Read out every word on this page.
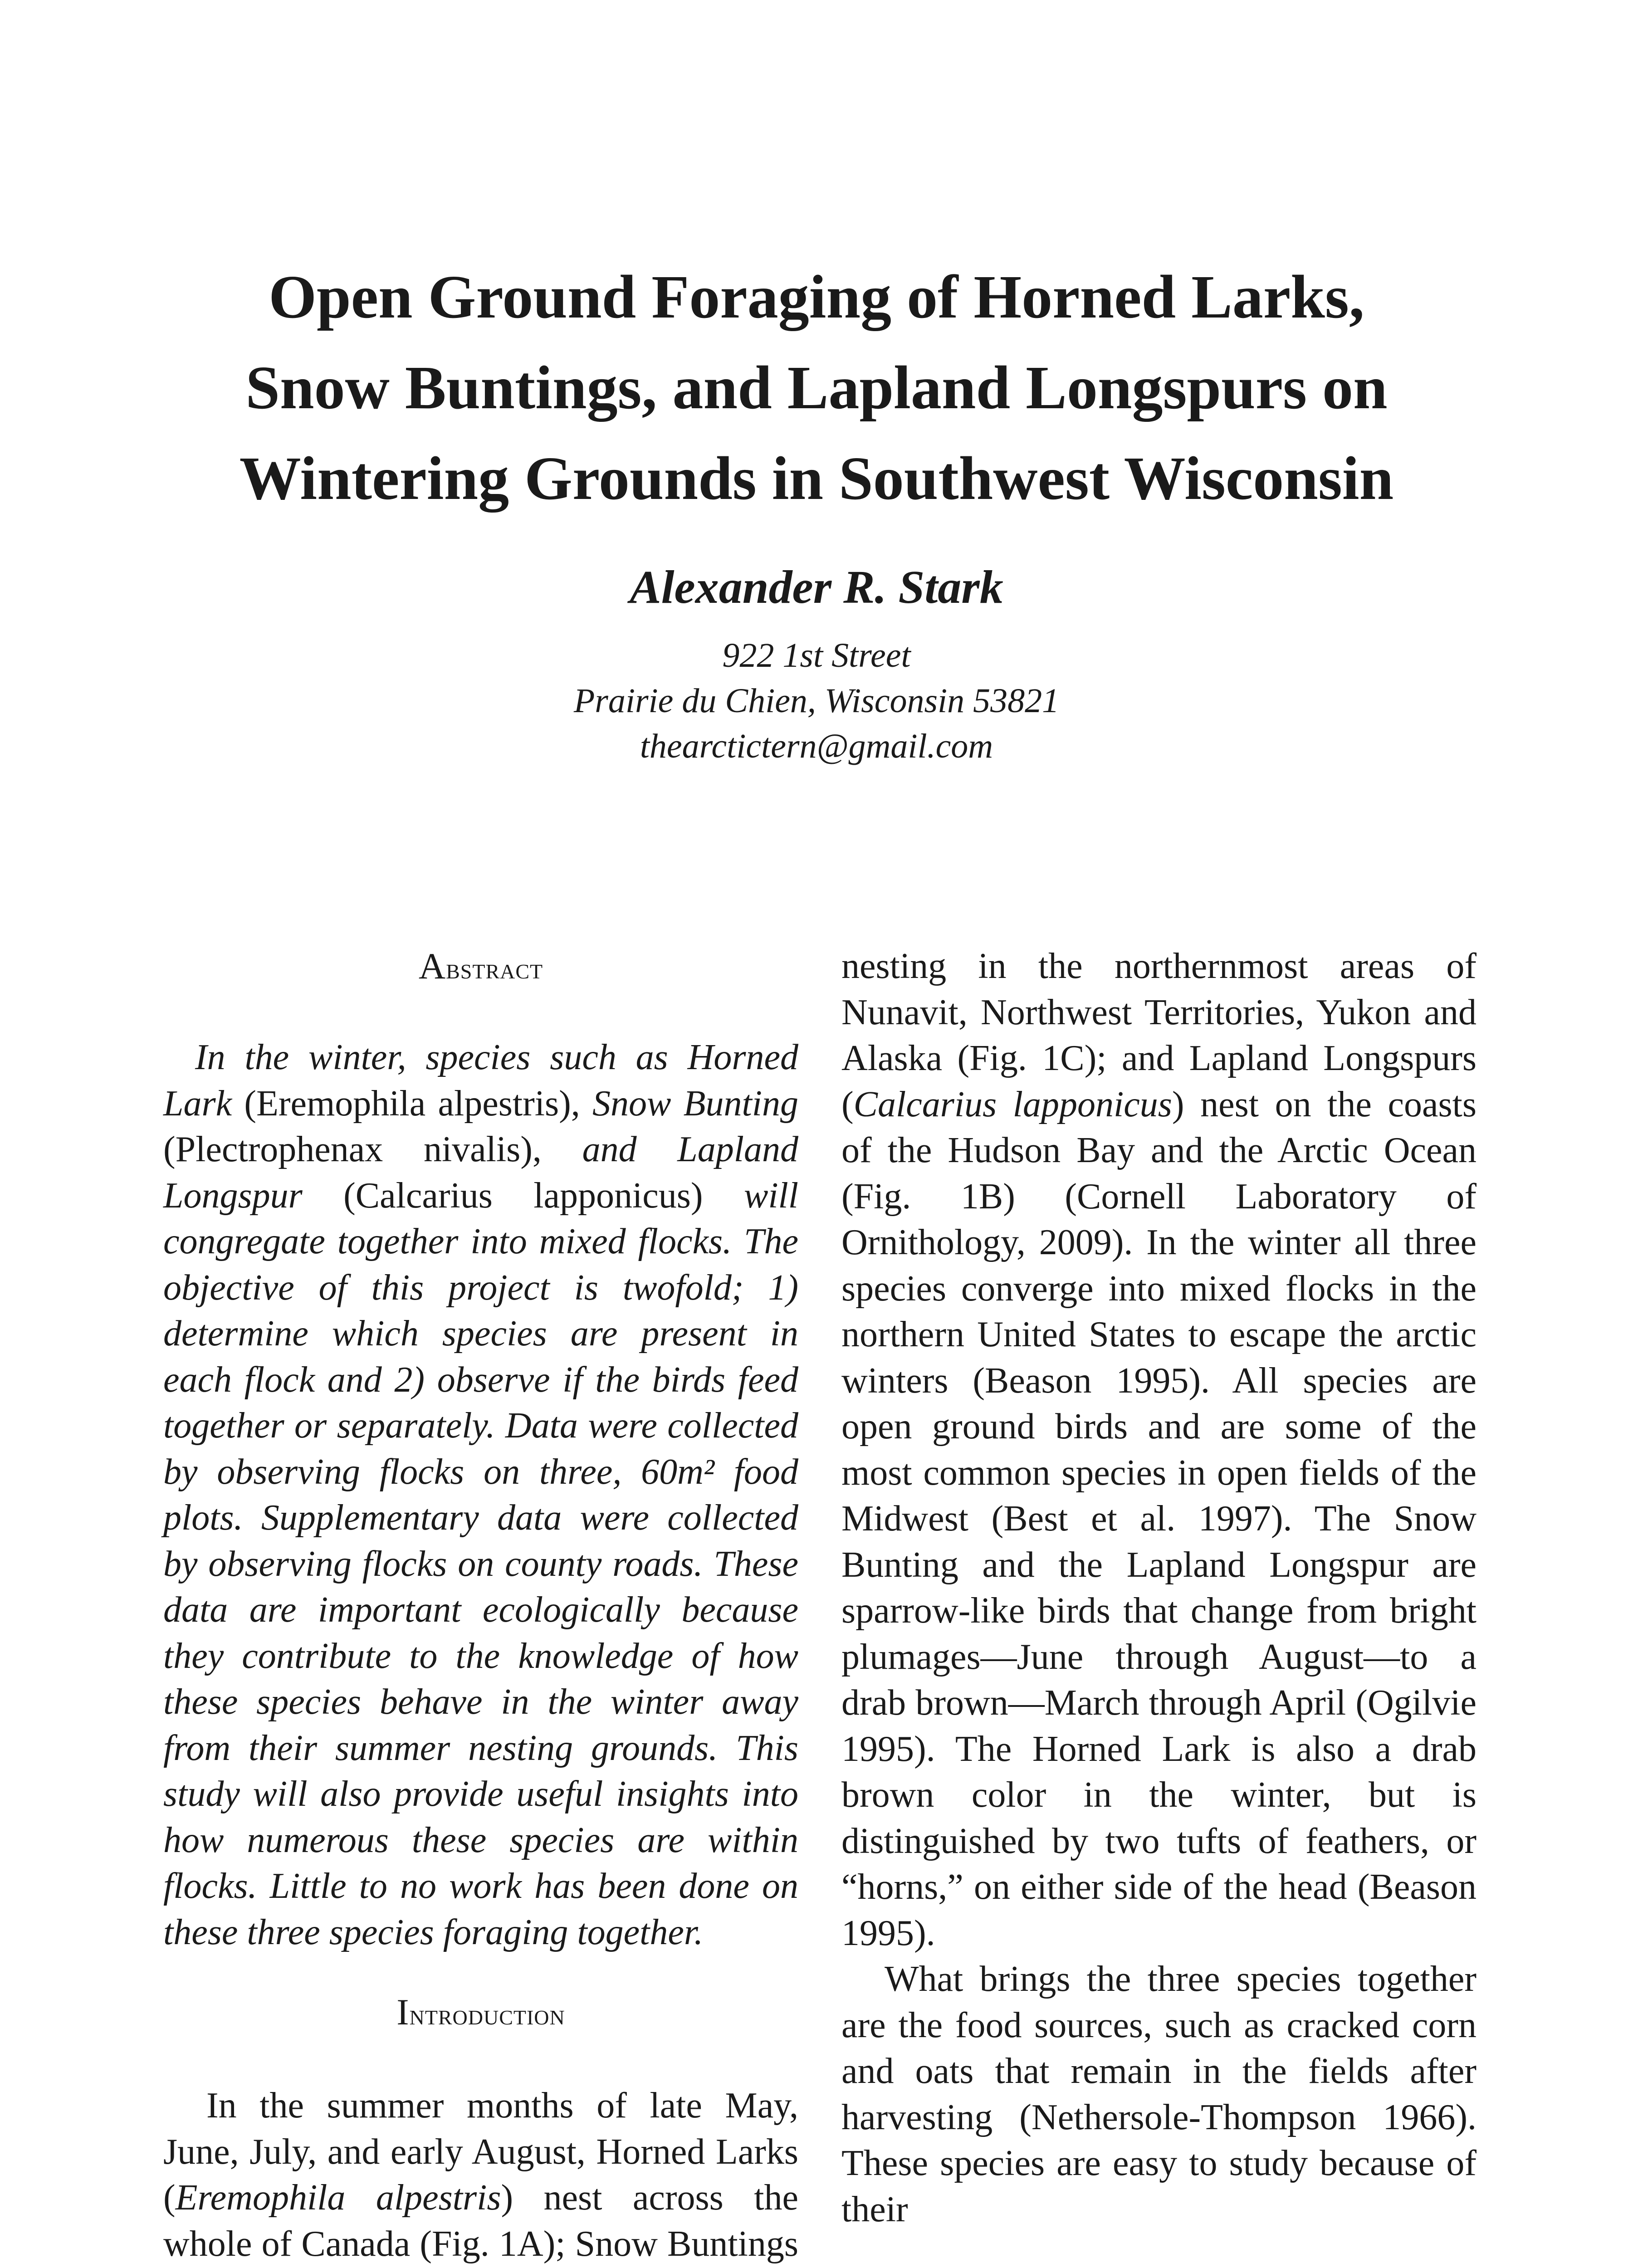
Open Ground Foraging of Horned Larks,
Snow Buntings, and Lapland Longspurs on
Wintering Grounds in Southwest Wisconsin
Alexander R. Stark
922 1st Street
Prairie du Chien, Wisconsin 53821
thearctictern@gmail.com
Abstract

In the winter, species such as Horned Lark (Eremophila alpestris), Snow Bunting (Plectrophenax nivalis), and Lapland Longspur (Calcarius lapponicus) will congregate together into mixed flocks. The objective of this project is twofold; 1) determine which species are present in each flock and 2) observe if the birds feed together or separately. Data were collected by observing flocks on three, 60m² food plots. Supplementary data were collected by observing flocks on county roads. These data are important ecologically because they contribute to the knowledge of how these species behave in the winter away from their summer nesting grounds. This study will also provide useful insights into how numerous these species are within flocks. Little to no work has been done on these three species foraging together.

Introduction

In the summer months of late May, June, July, and early August, Horned Larks (Eremophila alpestris) nest across the whole of Canada (Fig. 1A); Snow Buntings

nesting in the northernmost areas of Nunavit, Northwest Territories, Yukon and Alaska (Fig. 1C); and Lapland Longspurs (Calcarius lapponicus) nest on the coasts of the Hudson Bay and the Arctic Ocean (Fig. 1B) (Cornell Laboratory of Ornithology, 2009). In the winter all three species converge into mixed flocks in the northern United States to escape the arctic winters (Beason 1995). All species are open ground birds and are some of the most common species in open fields of the Midwest (Best et al. 1997). The Snow Bunting and the Lapland Longspur are sparrow-like birds that change from bright plumages—June through August—to a drab brown—March through April (Ogilvie 1995). The Horned Lark is also a drab brown color in the winter, but is distinguished by two tufts of feathers, or “horns,” on either side of the head (Beason 1995).

What brings the three species together are the food sources, such as cracked corn and oats that remain in the fields after harvesting (Nethersole-Thompson 1966). These species are easy to study because of their
